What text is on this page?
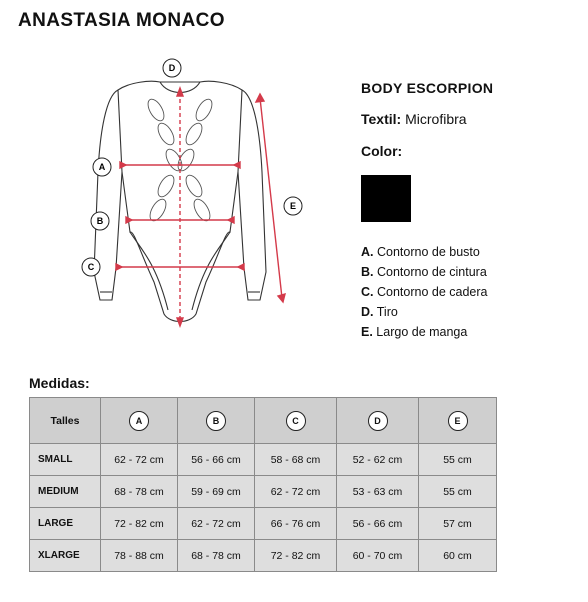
ANASTASIA MONACO
D
A
B
C
E
BODY ESCORPION
Textil: Microfibra
Color:
A. Contorno de busto
B. Contorno de cintura
C. Contorno de cadera
D. Tiro
E. Largo de manga
Medidas:
Talles	A	B	C	D	E
SMALL	62 - 72 cm	56 - 66 cm	58 - 68 cm	52 - 62 cm	55 cm
MEDIUM	68 - 78 cm	59 - 69 cm	62 - 72 cm	53 - 63 cm	55 cm
LARGE	72 - 82 cm	62 - 72 cm	66 - 76 cm	56 - 66 cm	57 cm
XLARGE	78 - 88 cm	68 - 78 cm	72 - 82 cm	60 - 70 cm	60 cm
